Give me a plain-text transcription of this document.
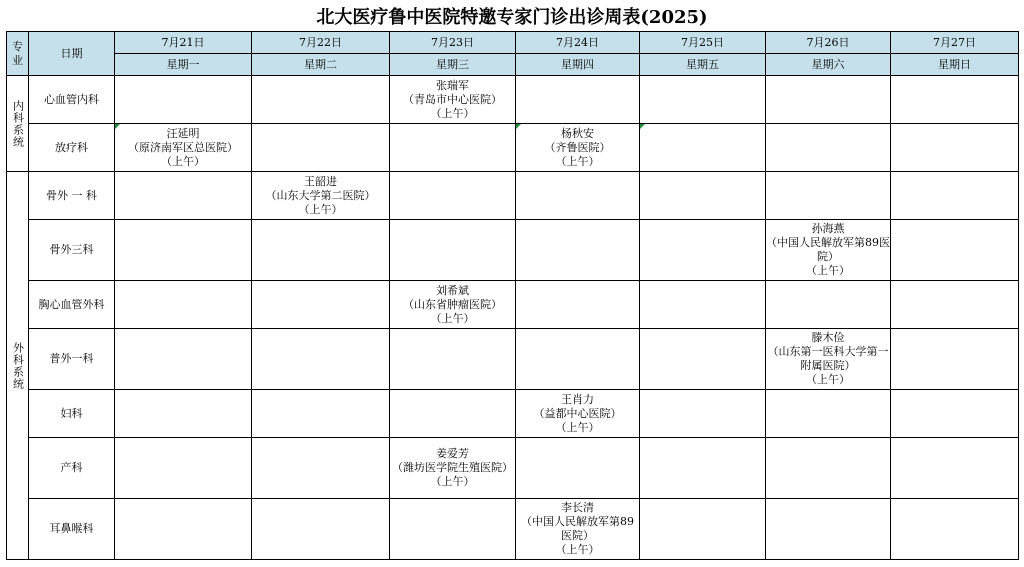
北大医疗鲁中医院特邀专家门诊出诊周表(2025)
专业	日期	7月21日	7月22日	7月23日	7月24日	7月25日	7月26日	7月27日
		星期一	星期二	星期三	星期四	星期五	星期六	星期日
内科系统	心血管内科			张瑞军
（青岛市中心医院）
（上午）				
	放疗科	汪延明
（原济南军区总医院）
（上午）			杨秋安
（齐鲁医院）
（上午）			
外科系统	骨外 一 科		王韶进
（山东大学第二医院）
（上午）					
	骨外三科						孙海燕
（中国人民解放军第89医院）
（上午）	
	胸心血管外科			刘希斌
（山东省肿瘤医院）
（上午）				
	普外一科						滕木俭
（山东第一医科大学第一附属医院）
（上午）	
	妇科				王肖力
（益都中心医院）
（上午）			
	产科			姜爱芳
（潍坊医学院生殖医院）
（上午）				
	耳鼻喉科				李长清
（中国人民解放军第89医院）
（上午）			
